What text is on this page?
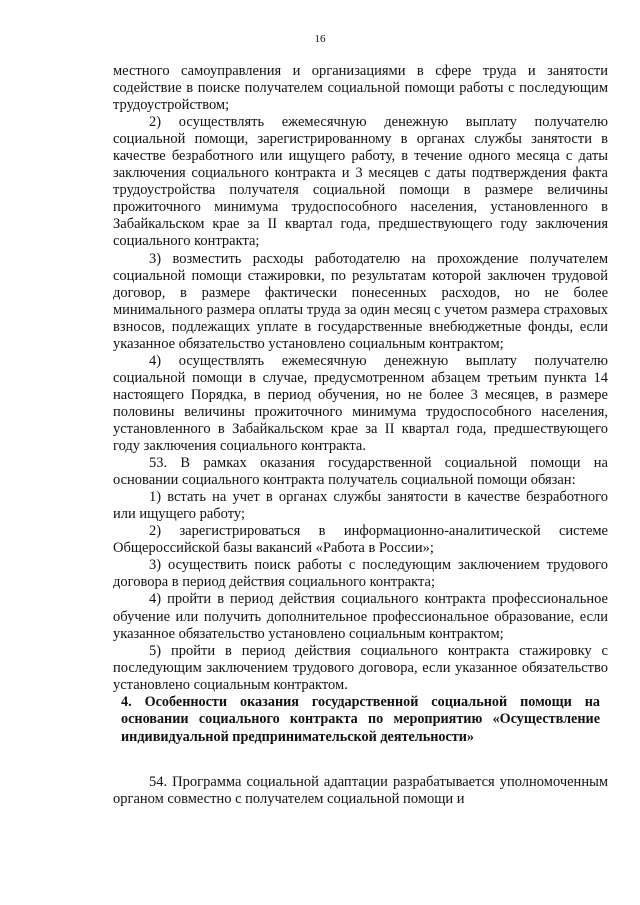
16

местного самоуправления и организациями в сфере труда и занятости содействие в поиске получателем социальной помощи работы с последующим трудоустройством;

2) осуществлять ежемесячную денежную выплату получателю социальной помощи, зарегистрированному в органах службы занятости в качестве безработного или ищущего работу, в течение одного месяца с даты заключения социального контракта и 3 месяцев с даты подтверждения факта трудоустройства получателя социальной помощи в размере величины прожиточного минимума трудоспособного населения, установленного в Забайкальском крае за II квартал года, предшествующего году заключения социального контракта;

3) возместить расходы работодателю на прохождение получателем социальной помощи стажировки, по результатам которой заключен трудовой договор, в размере фактически понесенных расходов, но не более минимального размера оплаты труда за один месяц с учетом размера страховых взносов, подлежащих уплате в государственные внебюджетные фонды, если указанное обязательство установлено социальным контрактом;

4) осуществлять ежемесячную денежную выплату получателю социальной помощи в случае, предусмотренном абзацем третьим пункта 14 настоящего Порядка, в период обучения, но не более 3 месяцев, в размере половины величины прожиточного минимума трудоспособного населения, установленного в Забайкальском крае за II квартал года, предшествующего году заключения социального контракта.

53. В рамках оказания государственной социальной помощи на основании социального контракта получатель социальной помощи обязан:

1) встать на учет в органах службы занятости в качестве безработного или ищущего работу;

2) зарегистрироваться в информационно-аналитической системе Общероссийской базы вакансий «Работа в России»;

3) осуществить поиск работы с последующим заключением трудового договора в период действия социального контракта;

4) пройти в период действия социального контракта профессиональное обучение или получить дополнительное профессиональное образование, если указанное обязательство установлено социальным контрактом;

5) пройти в период действия социального контракта стажировку с последующим заключением трудового договора, если указанное обязательство установлено социальным контрактом.

4. Особенности оказания государственной социальной помощи на основании социального контракта по мероприятию «Осуществление индивидуальной предпринимательской деятельности»

54. Программа социальной адаптации разрабатывается уполномоченным органом совместно с получателем социальной помощи и
